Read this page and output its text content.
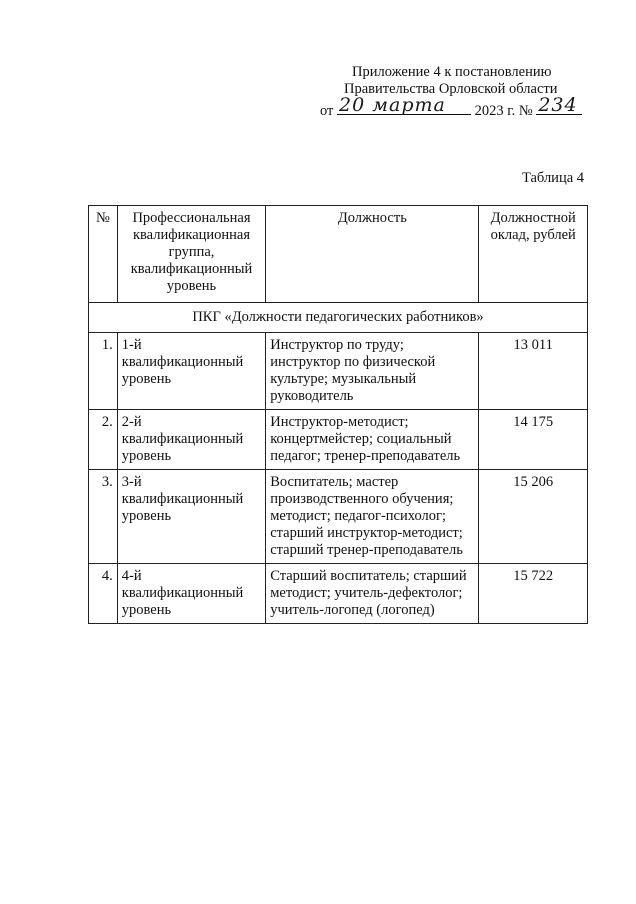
Приложение 4 к постановлению
Правительства Орловской области
от 20 марта 2023 г. № 234
Таблица 4
№	Профессиональная квалификационная группа, квалификационный уровень	Должность	Должностной оклад, рублей
ПКГ «Должности педагогических работников»			
1.	1-й квалификационный уровень	Инструктор по труду; инструктор по физической культуре; музыкальный руководитель	13 011
2.	2-й квалификационный уровень	Инструктор-методист; концертмейстер; социальный педагог; тренер-преподаватель	14 175
3.	3-й квалификационный уровень	Воспитатель; мастер производственного обучения; методист; педагог-психолог; старший инструктор-методист; старший тренер-преподаватель	15 206
4.	4-й квалификационный уровень	Старший воспитатель; старший методист; учитель-дефектолог; учитель-логопед (логопед)	15 722
